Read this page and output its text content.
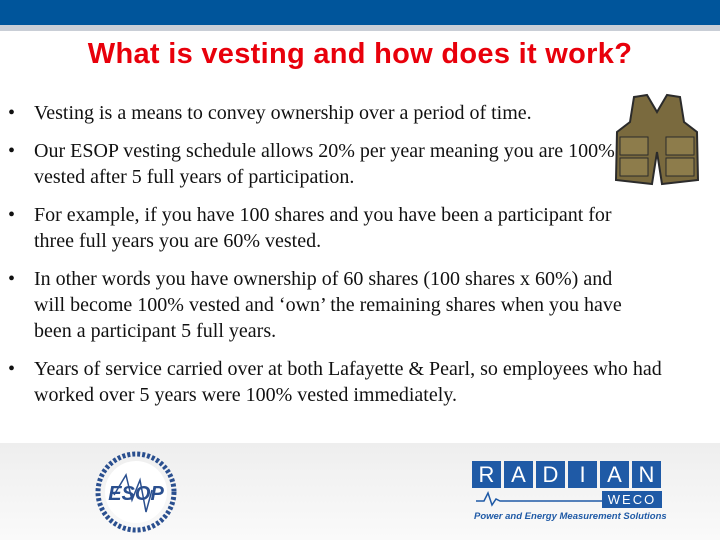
What is vesting and how does it work?
• Vesting is a means to convey ownership over a period of time.
• Our ESOP vesting schedule allows 20% per year meaning you are 100% vested after 5 full years of participation.
• For example, if you have 100 shares and you have been a participant for three full years you are 60% vested.
• In other words you have ownership of 60 shares (100 shares x 60%) and will become 100% vested and ‘own’ the remaining shares when you have been a participant 5 full years.
• Years of service carried over at both Lafayette & Pearl, so employees who had worked over 5 years were 100% vested immediately.
ESOP
R A D I A N
WECO
Power and Energy Measurement Solutions
